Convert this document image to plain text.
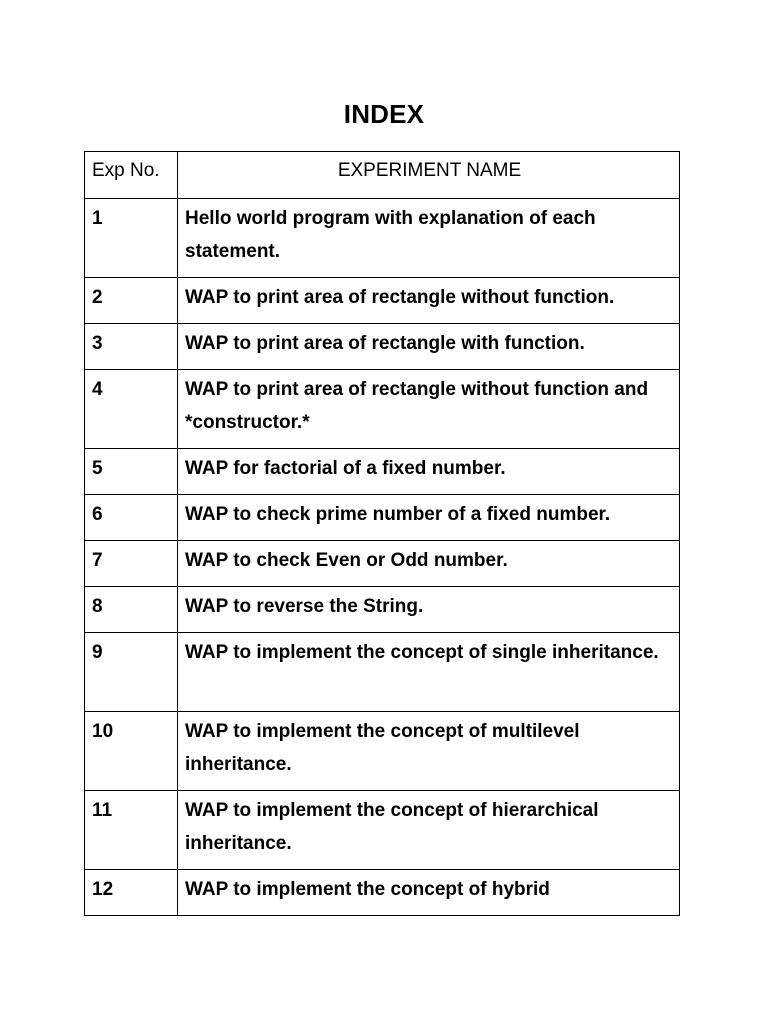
INDEX
Exp No.	EXPERIMENT NAME
1	Hello world program with explanation of each statement.
2	WAP to print area of rectangle without function.
3	WAP to print area of rectangle with function.
4	WAP to print area of rectangle without function and *constructor.*
5	WAP for factorial of a fixed number.
6	WAP to check prime number of a fixed number.
7	WAP to check Even or Odd number.
8	WAP to reverse the String.
9	WAP to implement the concept of single inheritance.
10	WAP to implement the concept of multilevel inheritance.
11	WAP to implement the concept of hierarchical inheritance.
12	WAP to implement the concept of hybrid
